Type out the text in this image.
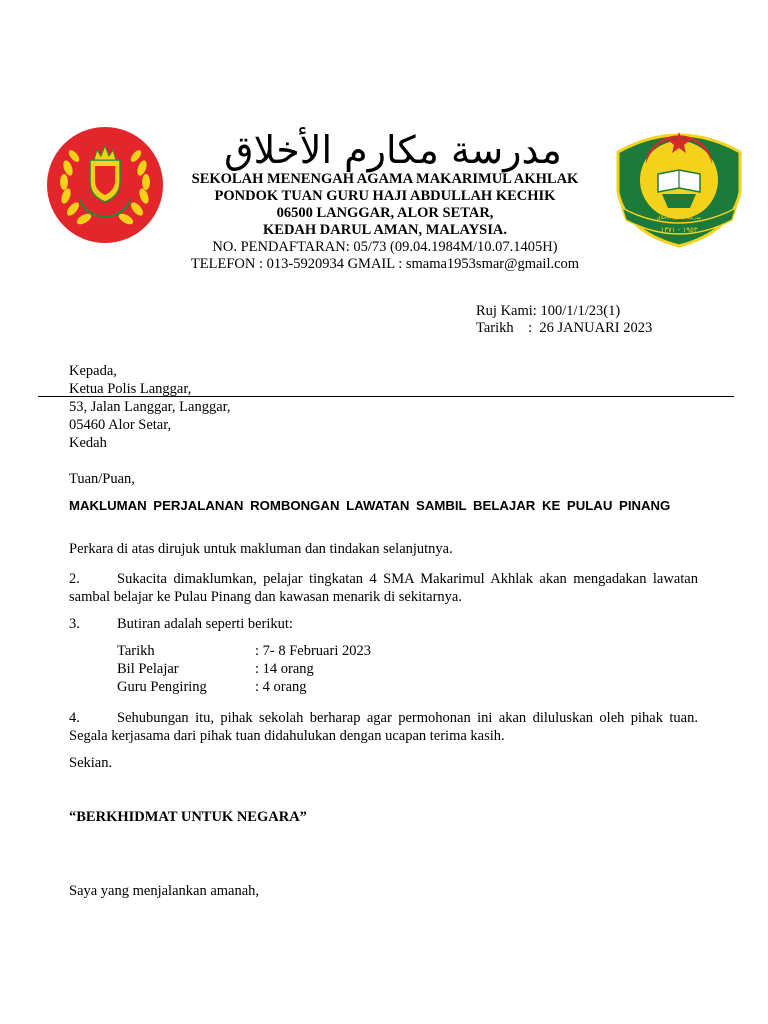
مدرسة مكارم الأخلاق
SEKOLAH MENENGAH AGAMA MAKARIMUL AKHLAK
PONDOK TUAN GURU HAJI ABDULLAH KECHIK
06500 LANGGAR, ALOR SETAR,
KEDAH DARUL AMAN, MALAYSIA.
NO. PENDAFTARAN: 05/73 (09.04.1984M/10.07.1405H)
TELEFON : 013-5920934 GMAIL : smama1953smar@gmail.com
مدرسة مكارم الأخلاق
١٩٥٣ - ١٣٧١
Ruj Kami: 100/1/1/23(1)
Tarikh    :  26 JANUARI 2023
Kepada,
Ketua Polis Langgar,
53, Jalan Langgar, Langgar,
05460 Alor Setar,
Kedah
Tuan/Puan,
MAKLUMAN PERJALANAN ROMBONGAN LAWATAN SAMBIL BELAJAR KE PULAU PINANG
Perkara di atas dirujuk untuk makluman dan tindakan selanjutnya.
2.	Sukacita dimaklumkan, pelajar tingkatan 4 SMA Makarimul Akhlak akan mengadakan lawatan sambal belajar ke Pulau Pinang dan kawasan menarik di sekitarnya.
3.	Butiran adalah seperti berikut:
Tarikh	: 7- 8 Februari 2023
Bil Pelajar	: 14 orang
Guru Pengiring	: 4 orang
4.	Sehubungan itu, pihak sekolah berharap agar permohonan ini akan diluluskan oleh pihak tuan. Segala kerjasama dari pihak tuan didahulukan dengan ucapan terima kasih.
Sekian.
“BERKHIDMAT UNTUK NEGARA”
Saya yang menjalankan amanah,
